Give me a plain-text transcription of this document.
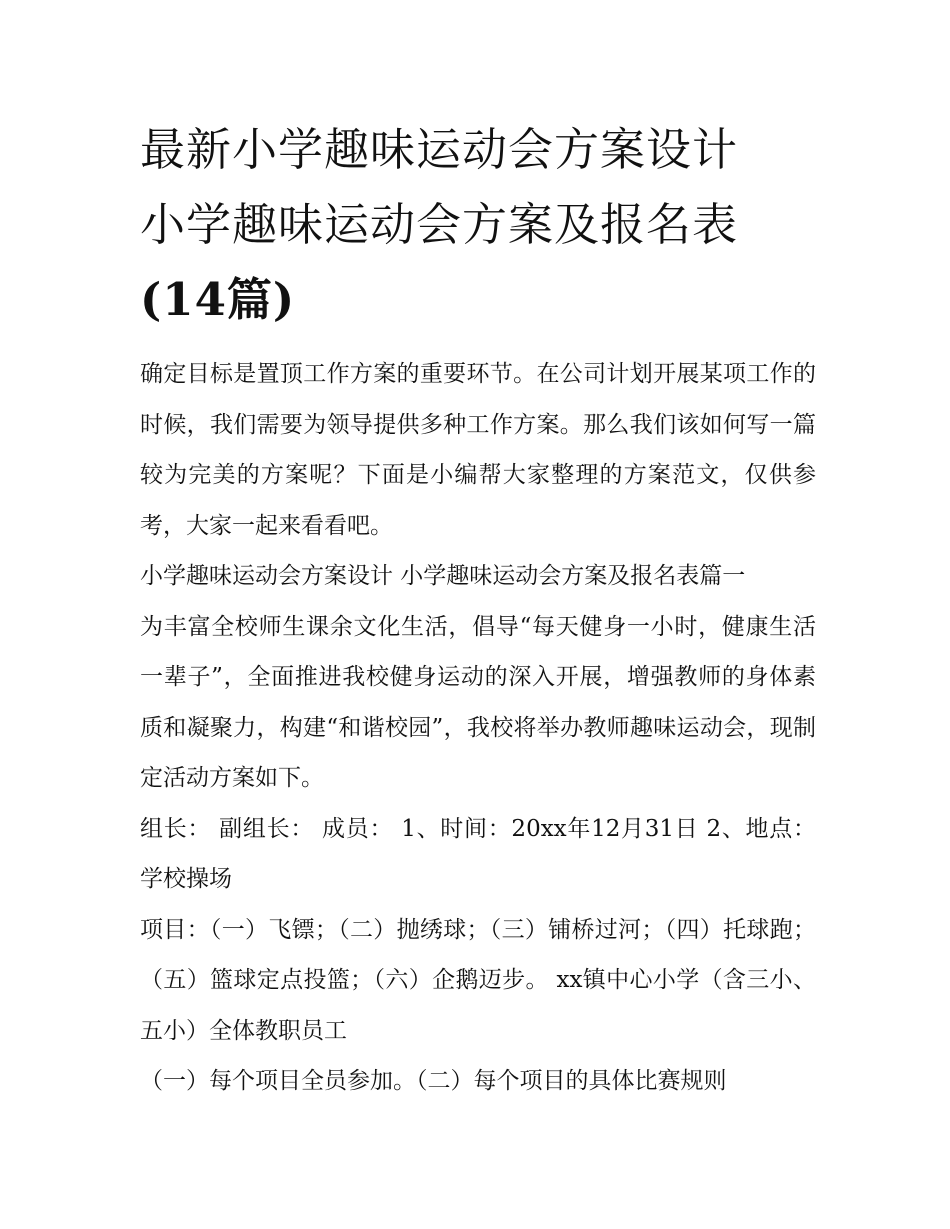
最新小学趣味运动会方案设计
小学趣味运动会方案及报名表
(14篇)

确定目标是置顶工作方案的重要环节。在公司计划开展某项工作的时候，我们需要为领导提供多种工作方案。那么我们该如何写一篇较为完美的方案呢？下面是小编帮大家整理的方案范文，仅供参考，大家一起来看看吧。

小学趣味运动会方案设计 小学趣味运动会方案及报名表篇一

为丰富全校师生课余文化生活，倡导“每天健身一小时，健康生活一辈子”，全面推进我校健身运动的深入开展，增强教师的身体素质和凝聚力，构建“和谐校园”，我校将举办教师趣味运动会，现制定活动方案如下。

组长： 副组长： 成员： 1、时间：20xx年12月31日 2、地点：学校操场

项目：（一）飞镖；（二）抛绣球；（三）铺桥过河；（四）托球跑；（五）篮球定点投篮；（六）企鹅迈步。 xx镇中心小学（含三小、五小）全体教职员工

（一）每个项目全员参加。（二）每个项目的具体比赛规则
